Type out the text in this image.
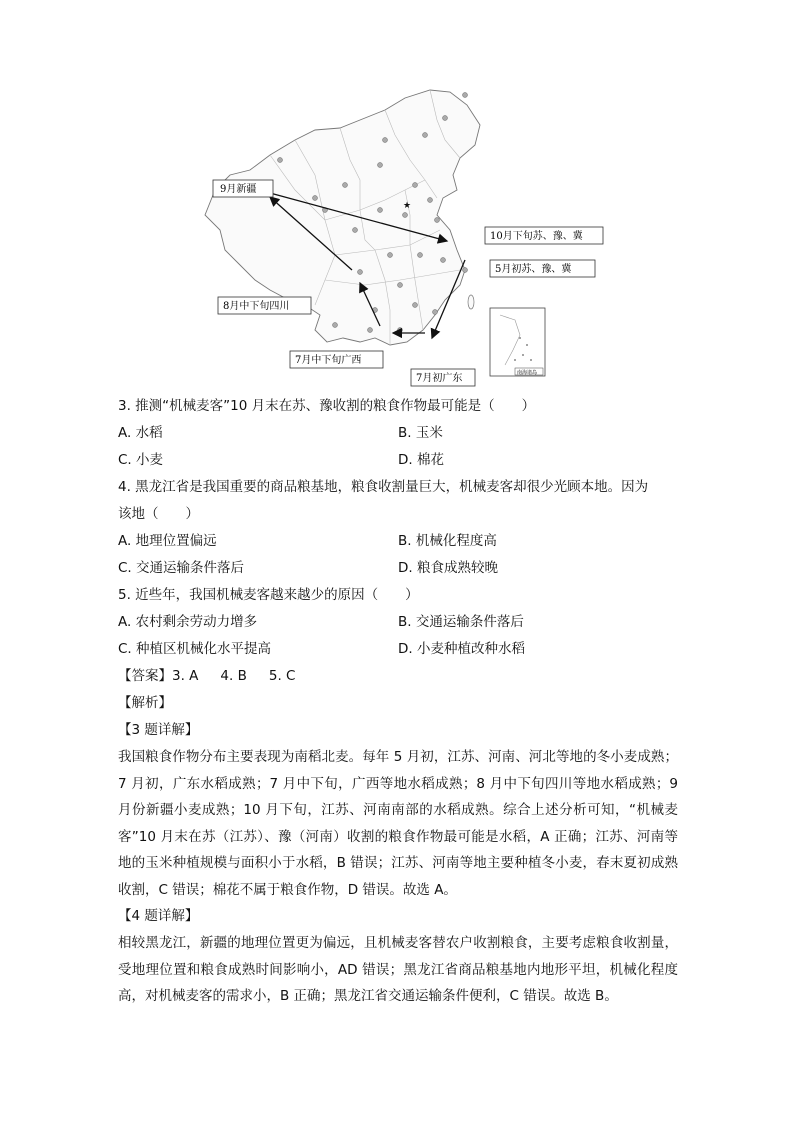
★
9月新疆
10月下旬苏、豫、冀
5月初苏、豫、冀
8月中下旬四川
7月中下旬广西
7月初广东	南海诸岛
3. 推测“机械麦客”10 月末在苏、豫收割的粮食作物最可能是（　　）
A. 水稻	B. 玉米
C. 小麦	D. 棉花
4. 黑龙江省是我国重要的商品粮基地，粮食收割量巨大，机械麦客却很少光顾本地。因为
该地（　　）
A. 地理位置偏远	B. 机械化程度高
C. 交通运输条件落后	D. 粮食成熟较晚
5. 近些年，我国机械麦客越来越少的原因（　　）
A. 农村剩余劳动力增多	B. 交通运输条件落后
C. 种植区机械化水平提高	D. 小麦种植改种水稻
【答案】3. A 4. B 5. C
【解析】
【3 题详解】
我国粮食作物分布主要表现为南稻北麦。每年 5 月初，江苏、河南、河北等地的冬小麦成熟；7 月初，广东水稻成熟；7 月中下旬，广西等地水稻成熟；8 月中下旬四川等地水稻成熟；9 月份新疆小麦成熟；10 月下旬，江苏、河南南部的水稻成熟。综合上述分析可知，“机械麦客”10 月末在苏（江苏）、豫（河南）收割的粮食作物最可能是水稻，A 正确；江苏、河南等地的玉米种植规模与面积小于水稻，B 错误；江苏、河南等地主要种植冬小麦，春末夏初成熟收割，C 错误；棉花不属于粮食作物，D 错误。故选 A。
【4 题详解】
相较黑龙江，新疆的地理位置更为偏远，且机械麦客替农户收割粮食，主要考虑粮食收割量，受地理位置和粮食成熟时间影响小，AD 错误；黑龙江省商品粮基地内地形平坦，机械化程度高，对机械麦客的需求小，B 正确；黑龙江省交通运输条件便利，C 错误。故选 B。
